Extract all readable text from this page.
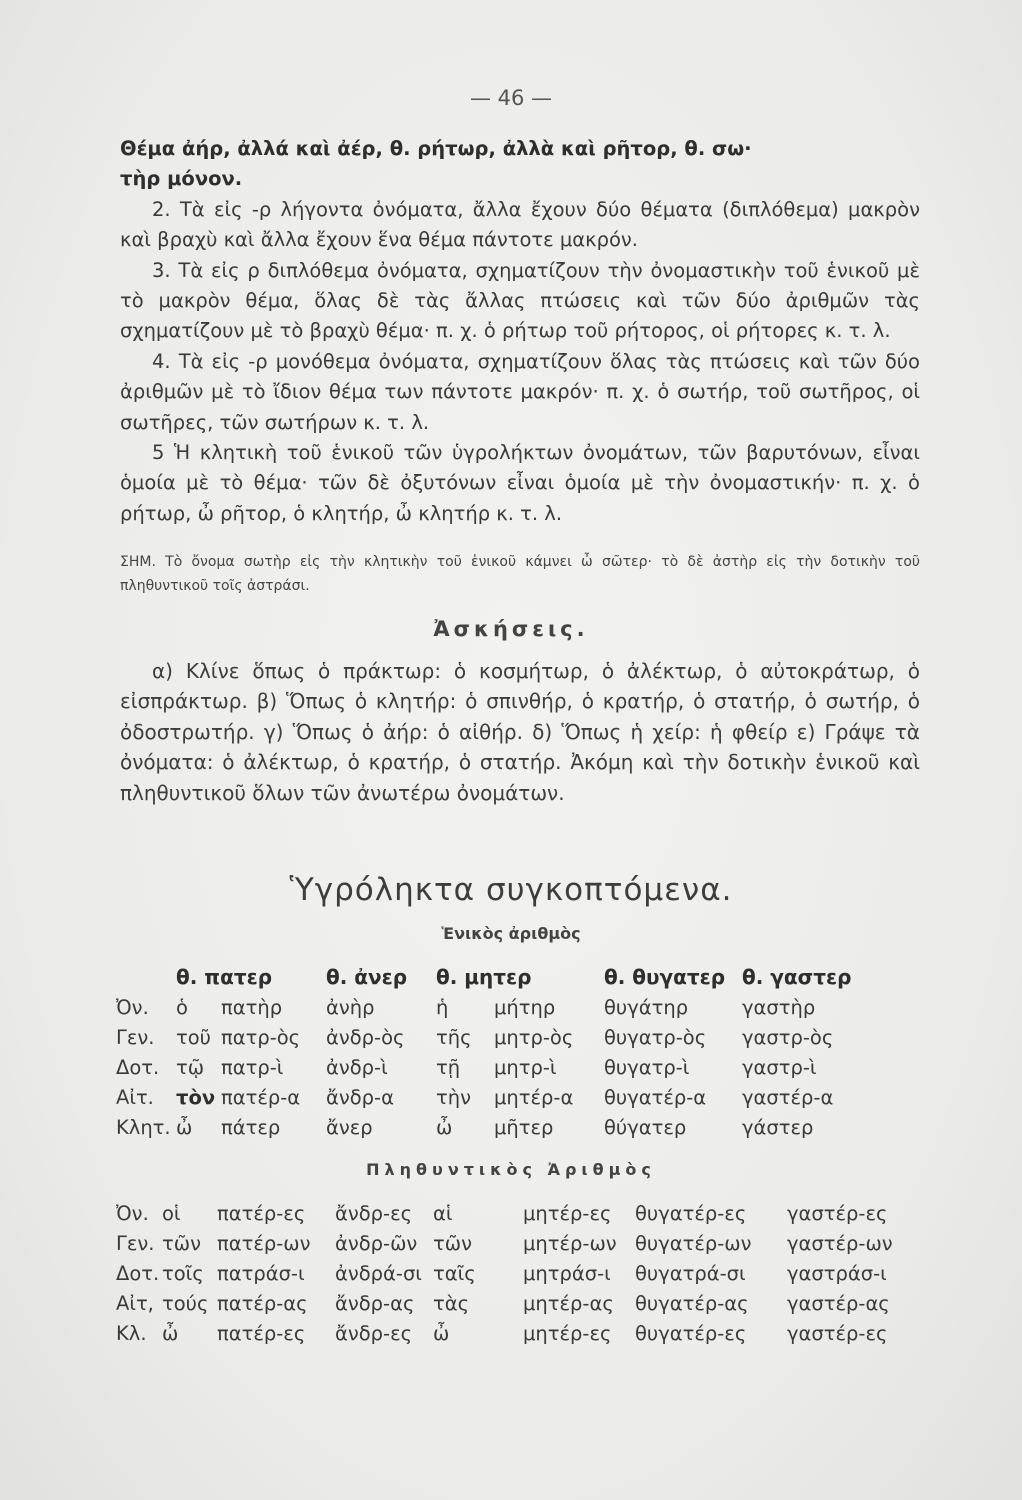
— 46 —

Θέμα ἀήρ, ἀλλά καὶ ἀέρ, θ. ρήτωρ, ἀλλὰ καὶ ρῆτορ, θ. σω·

τὴρ μόνον.

2. Τὰ εἰς -ρ λήγοντα ὀνόματα, ἄλλα ἔχουν δύο θέματα (διπλόθεμα) μακρὸν καὶ βραχὺ καὶ ἄλλα ἔχουν ἕνα θέμα πάντοτε μακρόν.

3. Τὰ εἰς ρ διπλόθεμα ὀνόματα, σχηματίζουν τὴν ὀνομαστικὴν τοῦ ἑνικοῦ μὲ τὸ μακρὸν θέμα, ὅλας δὲ τὰς ἄλλας πτώσεις καὶ τῶν δύο ἀριθμῶν τὰς σχηματίζουν μὲ τὸ βραχὺ θέμα· π. χ. ὁ ρήτωρ τοῦ ρήτορος, οἱ ρήτορες κ. τ. λ.

4. Τὰ εἰς -ρ μονόθεμα ὀνόματα, σχηματίζουν ὅλας τὰς πτώσεις καὶ τῶν δύο ἀριθμῶν μὲ τὸ ἴδιον θέμα των πάντοτε μακρόν· π. χ. ὁ σωτήρ, τοῦ σωτῆρος, οἱ σωτῆρες, τῶν σωτήρων κ. τ. λ.

5 Ἡ κλητικὴ τοῦ ἑνικοῦ τῶν ὑγρολήκτων ὀνομάτων, τῶν βαρυτόνων, εἶναι ὁμοία μὲ τὸ θέμα· τῶν δὲ ὀξυτόνων εἶναι ὁμοία μὲ τὴν ὀνομαστικήν· π. χ. ὁ ρήτωρ, ὦ ρῆτορ, ὁ κλητήρ, ὦ κλητήρ κ. τ. λ.

ΣΗΜ. Τὸ ὄνομα σωτὴρ εἰς τὴν κλητικὴν τοῦ ἑνικοῦ κάμνει ὦ σῶτερ· τὸ δὲ ἀστὴρ εἰς τὴν δοτικὴν τοῦ πληθυντικοῦ τοῖς ἀστράσι.
Ἀσκήσεις.

α) Κλίνε ὅπως ὁ πράκτωρ: ὁ κοσμήτωρ, ὁ ἀλέκτωρ, ὁ αὐτοκράτωρ, ὁ εἰσπράκτωρ. β) Ὅπως ὁ κλητήρ: ὁ σπινθήρ, ὁ κρατήρ, ὁ στατήρ, ὁ σωτήρ, ὁ ὀδοστρωτήρ. γ) Ὅπως ὁ ἀήρ: ὁ αἰθήρ. δ) Ὅπως ἡ χείρ: ἡ φθείρ ε) Γράψε τὰ ὀνόματα: ὁ ἀλέκτωρ, ὁ κρατήρ, ὁ στατήρ. Ἀκόμη καὶ τὴν δοτικὴν ἑνικοῦ καὶ πληθυντικοῦ ὅλων τῶν ἀνωτέρω ὀνομάτων.

Ὑγρόληκτα συγκοπτόμενα.
Ἑνικὸς ἀριθμὸς
	θ. πατερ		θ. ἀνερ	θ. μητερ		θ. θυγατερ	θ. γαστερ
Ὀν.	ὁ	πατὴρ	ἀνὴρ	ἡ	μήτηρ	θυγάτηρ	γαστὴρ
Γεν.	τοῦ	πατρ-ὸς	ἀνδρ-ὸς	τῆς	μητρ-ὸς	θυγατρ-ὸς	γαστρ-ὸς
Δοτ.	τῷ	πατρ-ὶ	ἀνδρ-ὶ	τῇ	μητρ-ὶ	θυγατρ-ὶ	γαστρ-ὶ
Αἰτ.	τὸν	πατέρ-α	ἄνδρ-α	τὴν	μητέρ-α	θυγατέρ-α	γαστέρ-α
Κλητ.	ὦ	πάτερ	ἄνερ	ὦ	μῆτερ	θύγατερ	γάστερ
Πληθυντικὸς Ἀριθμὸς
Ὀν.	οἱ	πατέρ-ες	ἄνδρ-ες	αἱ	μητέρ-ες	θυγατέρ-ες	γαστέρ-ες
Γεν.	τῶν	πατέρ-ων	ἀνδρ-ῶν	τῶν	μητέρ-ων	θυγατέρ-ων	γαστέρ-ων
Δοτ.	τοῖς	πατράσ-ι	ἀνδρά-σι	ταῖς	μητράσ-ι	θυγατρά-σι	γαστράσ-ι
Αἰτ,	τούς	πατέρ-ας	ἄνδρ-ας	τὰς	μητέρ-ας	θυγατέρ-ας	γαστέρ-ας
Κλ.	ὦ	πατέρ-ες	ἄνδρ-ες	ὦ	μητέρ-ες	θυγατέρ-ες	γαστέρ-ες
